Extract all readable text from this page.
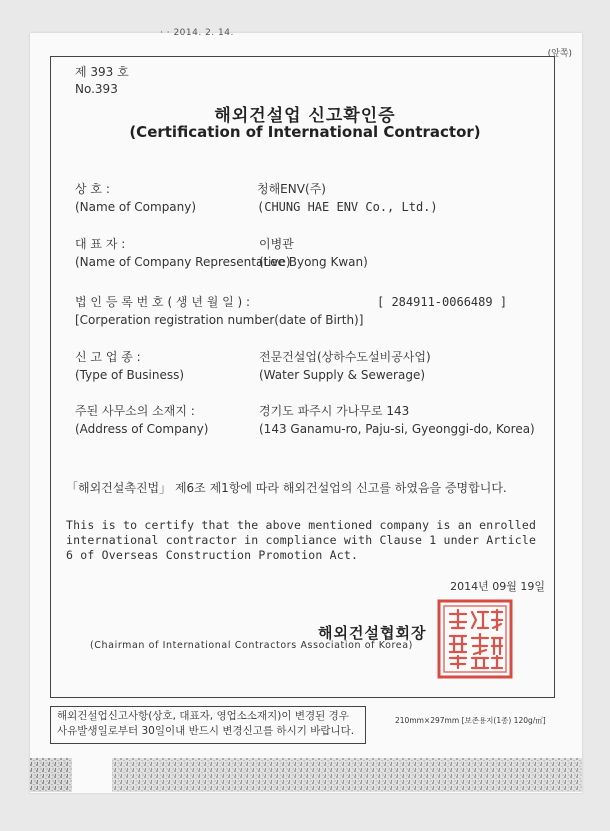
· · 2014. 2. 14.
(앞쪽)
제 393 호
No.393
해외건설업 신고확인증
(Certification of International Contractor)
상 호 :
(Name of Company)
청해ENV(주)
(CHUNG HAE ENV Co., Ltd.)
대 표 자 :
(Name of Company Representative)
이병관
(Lee Byong Kwan)
법 인 등 록 번 호 ( 생 년 월 일 ) :	[ 284911-0066489 ]
[Corperation registration number(date of Birth)]
신 고 업 종 :
(Type of Business)
전문건설업(상하수도설비공사업)
(Water Supply & Sewerage)
주된 사무소의 소재지 :
(Address of Company)
경기도 파주시 가나무로 143
(143 Ganamu-ro, Paju-si, Gyeonggi-do, Korea)
「해외건설촉진법」 제6조 제1항에 따라 해외건설업의 신고를 하였음을 증명합니다.
This is to certify that the above mentioned company is an enrolled international contractor in compliance with Clause 1 under Article 6 of Overseas Construction Promotion Act.
2014년 09월 19일
해외건설협회장
(Chairman of International Contractors Association of Korea)
해외건설업신고사항(상호, 대표자, 영업소소재지)이 변경된 경우
사유발생일로부터 30일이내 반드시 변경신고를 하시기 바랍니다.
210mm×297mm [보존용지(1종) 120g/㎡]
